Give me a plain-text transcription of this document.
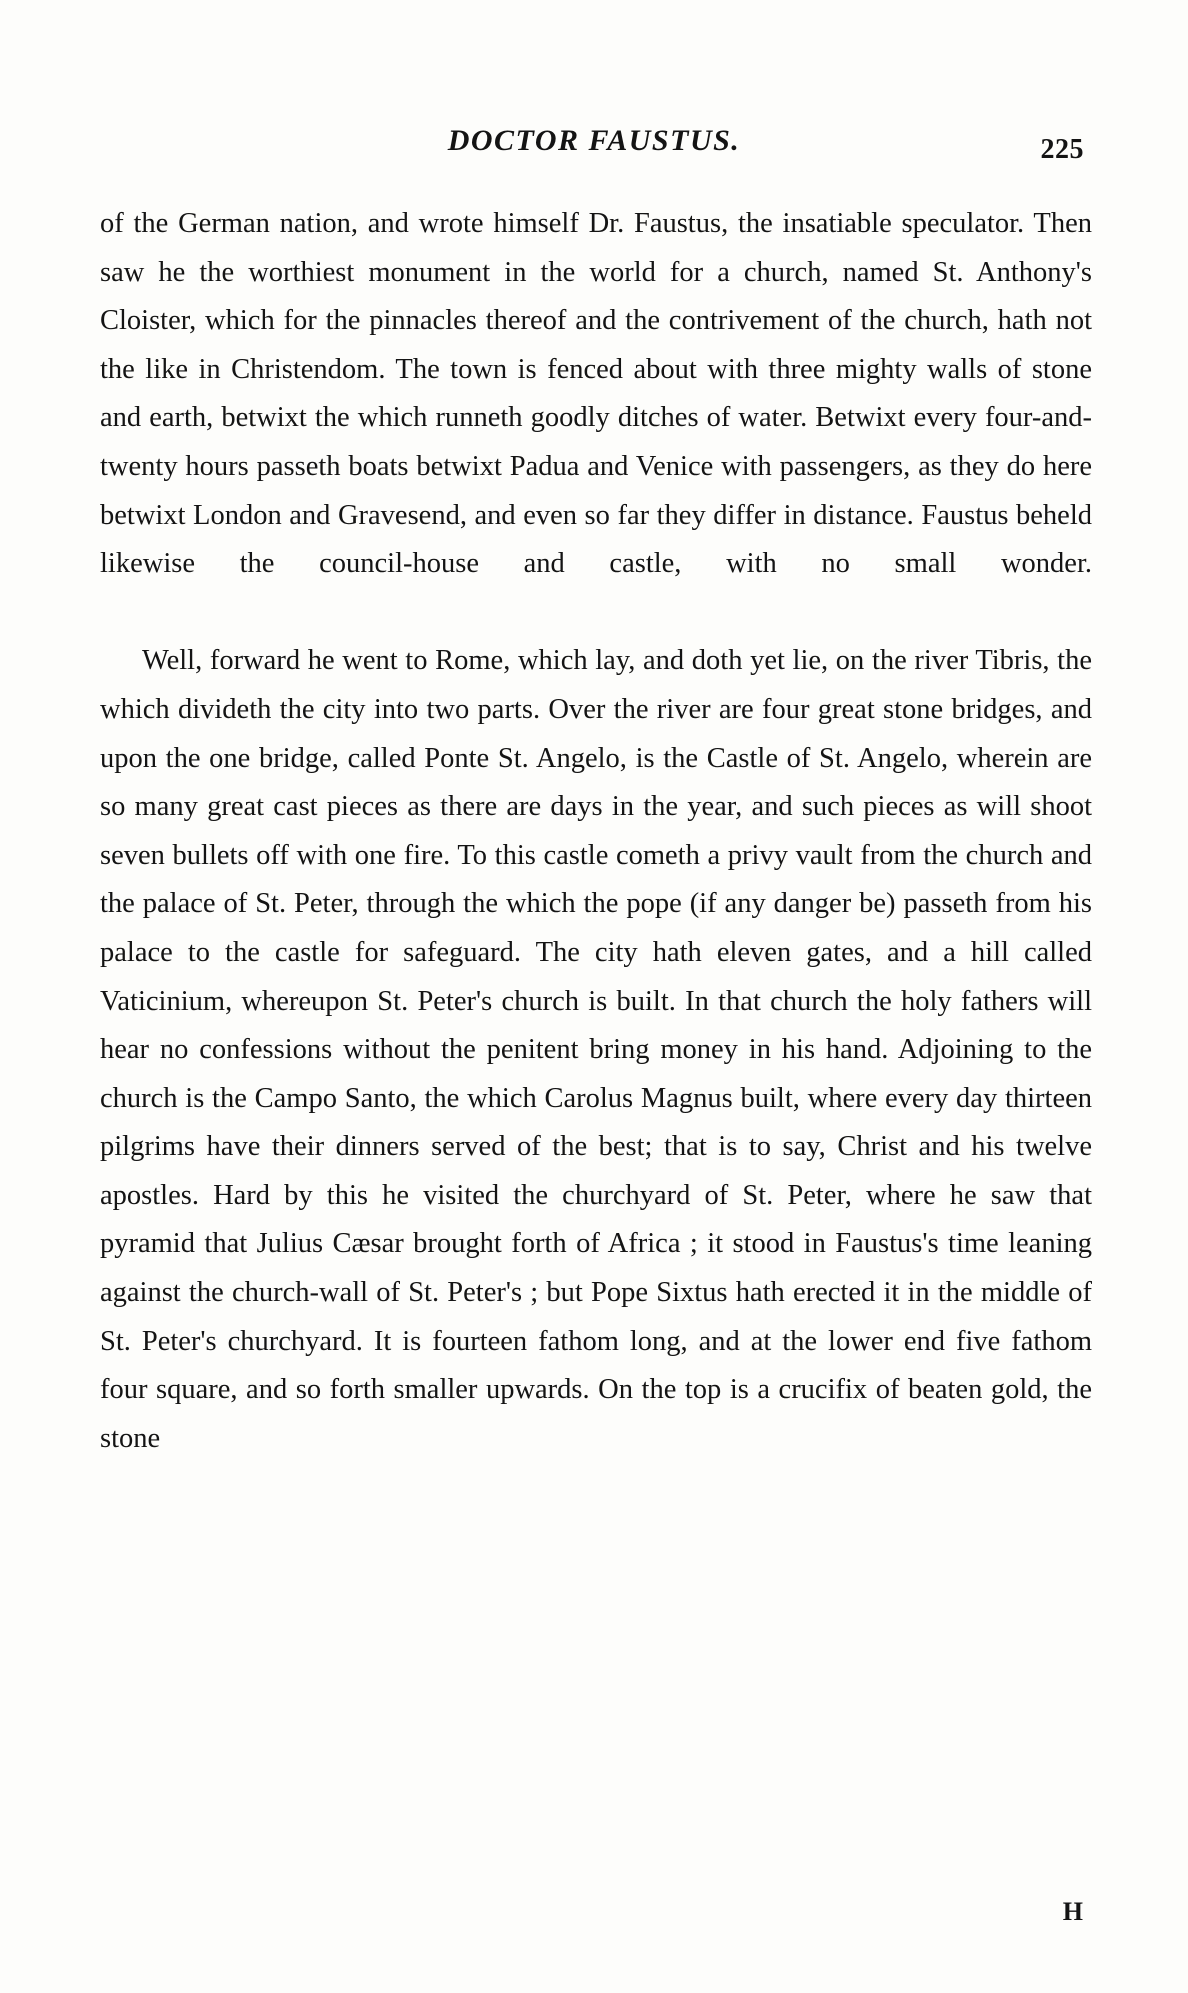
DOCTOR FAUSTUS.	225

of the German nation, and wrote himself Dr. Faustus, the insatiable speculator. Then saw he the worthiest monument in the world for a church, named St. Anthony's Cloister, which for the pinnacles thereof and the contrivement of the church, hath not the like in Christendom. The town is fenced about with three mighty walls of stone and earth, betwixt the which runneth goodly ditches of water. Betwixt every four-and-twenty hours passeth boats betwixt Padua and Venice with passengers, as they do here betwixt London and Gravesend, and even so far they differ in distance. Faustus beheld likewise the council-house and castle, with no small wonder.

Well, forward he went to Rome, which lay, and doth yet lie, on the river Tibris, the which divideth the city into two parts. Over the river are four great stone bridges, and upon the one bridge, called Ponte St. Angelo, is the Castle of St. Angelo, wherein are so many great cast pieces as there are days in the year, and such pieces as will shoot seven bullets off with one fire. To this castle cometh a privy vault from the church and the palace of St. Peter, through the which the pope (if any danger be) passeth from his palace to the castle for safeguard. The city hath eleven gates, and a hill called Vaticinium, whereupon St. Peter's church is built. In that church the holy fathers will hear no confessions without the penitent bring money in his hand. Adjoining to the church is the Campo Santo, the which Carolus Magnus built, where every day thirteen pilgrims have their dinners served of the best; that is to say, Christ and his twelve apostles. Hard by this he visited the churchyard of St. Peter, where he saw that pyramid that Julius Cæsar brought forth of Africa ; it stood in Faustus's time leaning against the church-wall of St. Peter's ; but Pope Sixtus hath erected it in the middle of St. Peter's churchyard. It is fourteen fathom long, and at the lower end five fathom four square, and so forth smaller upwards. On the top is a crucifix of beaten gold, the stone

H
